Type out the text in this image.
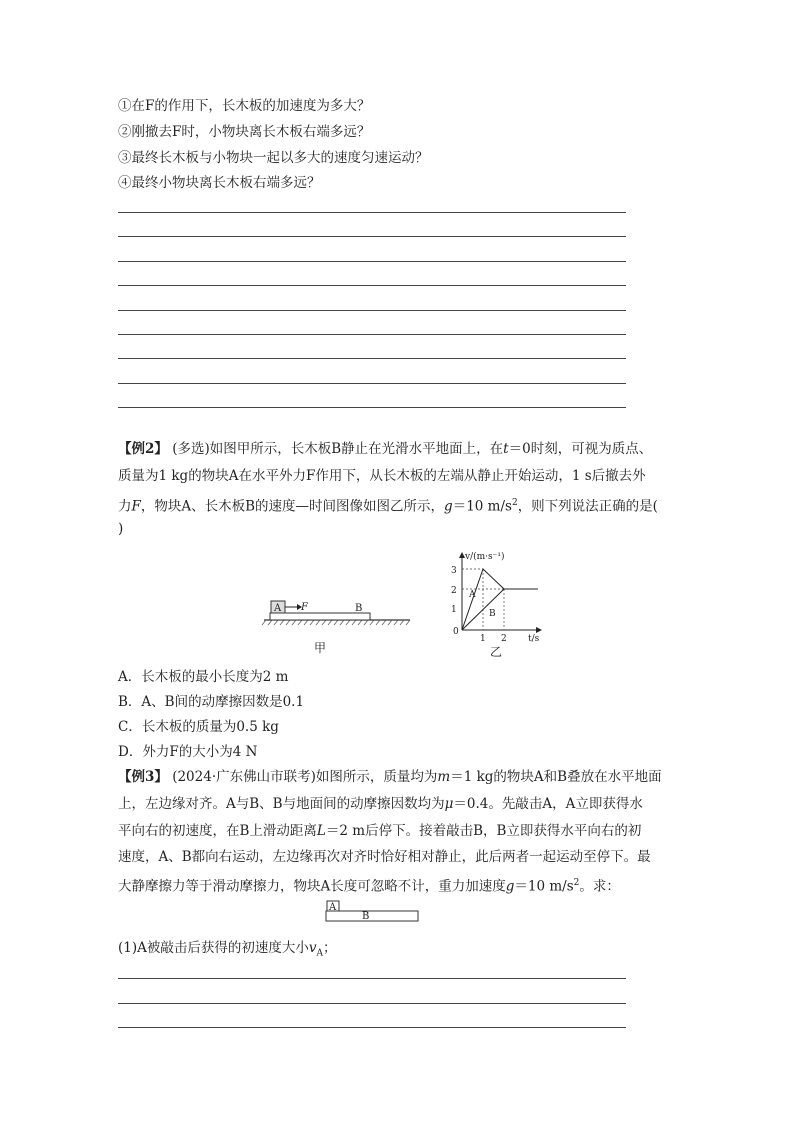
①在F的作用下，长木板的加速度为多大？
②刚撤去F时，小物块离长木板右端多远？
③最终长木板与小物块一起以多大的速度匀速运动？
④最终小物块离长木板右端多远？
【例2】 (多选)如图甲所示，长木板B静止在光滑水平地面上，在t＝0时刻，可视为质点、
质量为1 kg的物块A在水平外力F作用下，从长木板的左端从静止开始运动，1 s后撤去外
力F，物块A、长木板B的速度—时间图像如图乙所示，g＝10 $m/s^2$，则下列说法正确的是(
)
A F	B
甲
v/(m·s⁻¹)
t/s
3
2
1
0
1 2
A
B
乙
A．长木板的最小长度为2 m
B．A、B间的动摩擦因数是0.1
C．长木板的质量为0.5 kg
D．外力F的大小为4 N
【例3】 (2024·广东佛山市联考)如图所示，质量均为m＝1 kg的物块A和B叠放在水平地面
上，左边缘对齐。A与B、B与地面间的动摩擦因数均为μ＝0.4。先敲击A，A立即获得水
平向右的初速度，在B上滑动距离L＝2 m后停下。接着敲击B，B立即获得水平向右的初
速度，A、B都向右运动，左边缘再次对齐时恰好相对静止，此后两者一起运动至停下。最
大静摩擦力等于滑动摩擦力，物块A长度可忽略不计，重力加速度g＝10 $m/s^2$。求：
A
B
(1)A被敲击后获得的初速度大小$v_A$；
